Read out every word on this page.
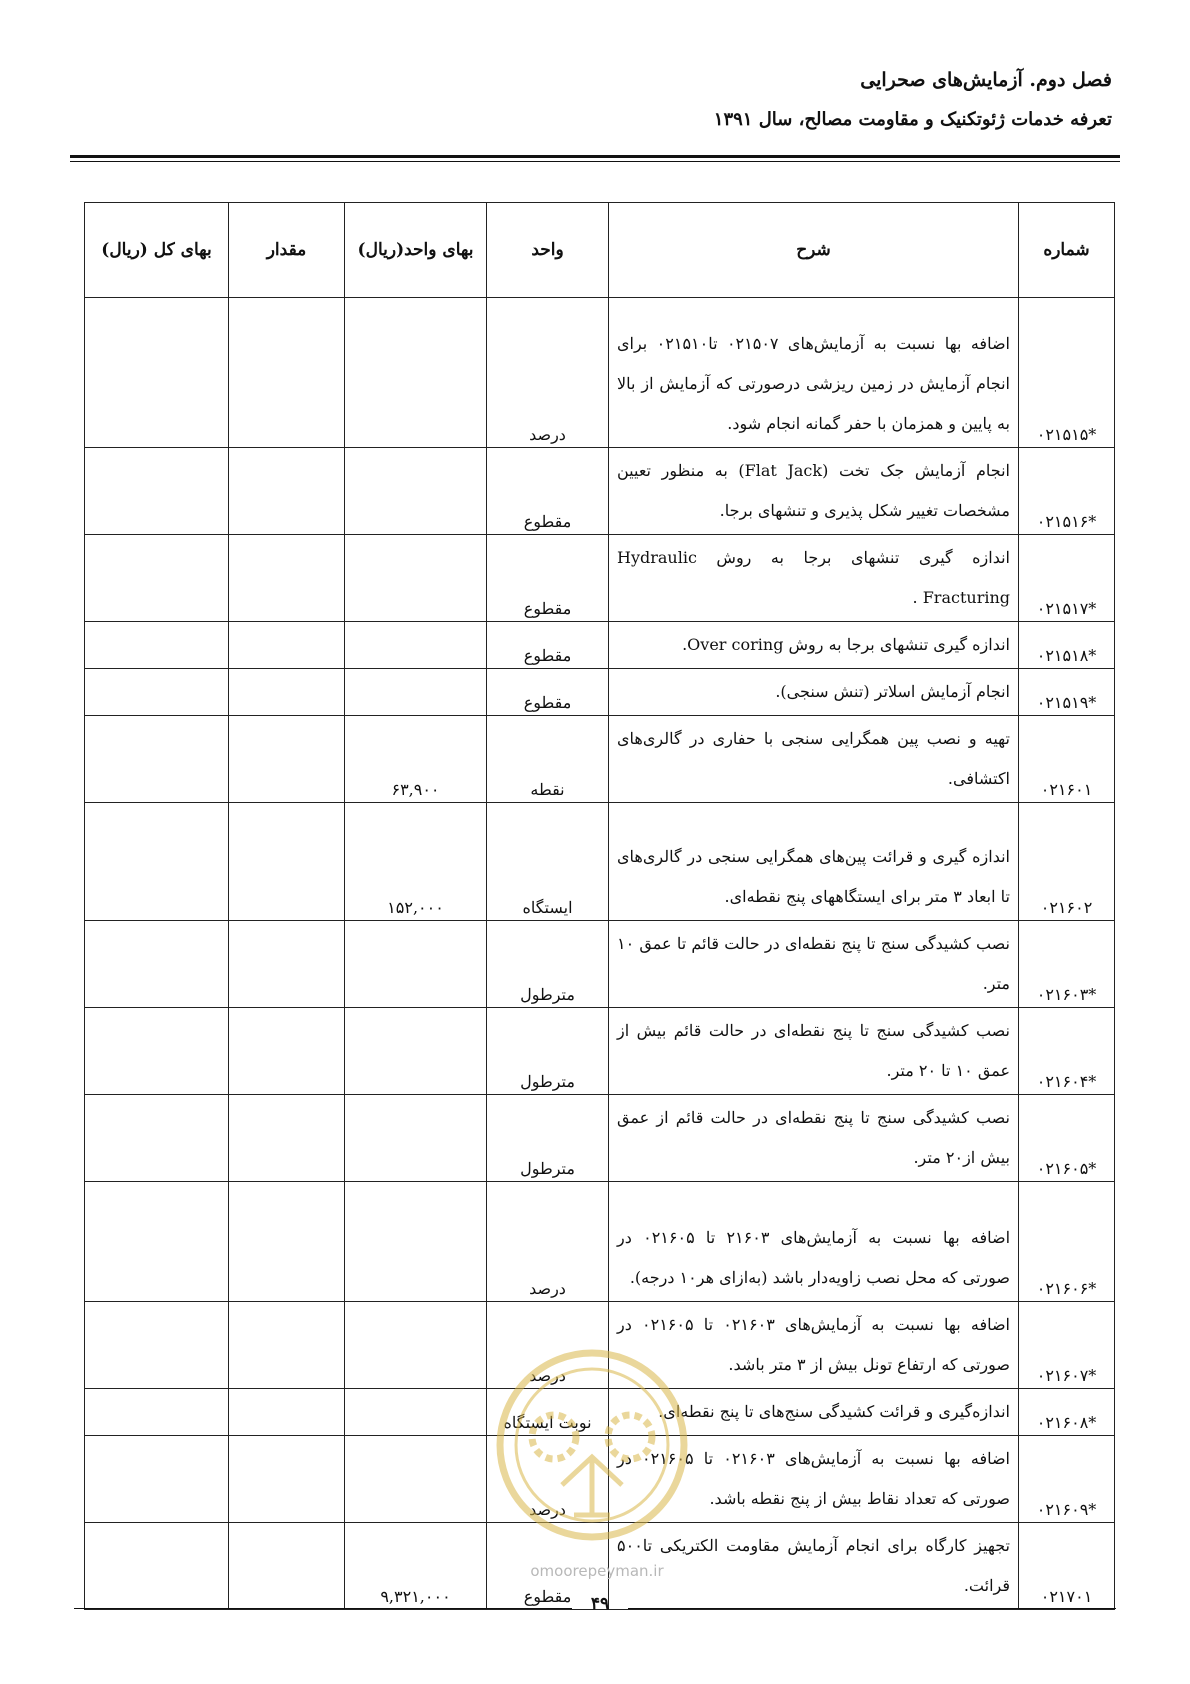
فصل دوم. آزمایش‌های صحرایی
تعرفه خدمات ژئوتکنیک و مقاومت مصالح، سال ۱۳۹۱
شماره	شرح	واحد	بهای واحد(ریال)	مقدار	بهای کل (ریال)
*۰۲۱۵۱۵	اضافه بها نسبت به آزمایش‌های ۰۲۱۵۰۷ تا۰۲۱۵۱۰ برای انجام آزمایش در زمین ریزشی درصورتی که آزمایش از بالا به پایین و همزمان با حفر گمانه انجام شود.	درصد			
*۰۲۱۵۱۶	انجام آزمایش جک تخت (Flat Jack) به منظور تعیین مشخصات تغییر شکل پذیری و تنشهای برجا.	مقطوع			
*۰۲۱۵۱۷	اندازه گیری تنشهای برجا به روش Hydraulic Fracturing .	مقطوع			
*۰۲۱۵۱۸	اندازه گیری تنشهای برجا به روش Over coring.	مقطوع			
*۰۲۱۵۱۹	انجام آزمایش اسلاتر (تنش سنجی).	مقطوع			
۰۲۱۶۰۱	تهیه و نصب پین همگرایی سنجی با حفاری در گالری‌های اکتشافی.	نقطه	۶۳,۹۰۰		
۰۲۱۶۰۲	اندازه گیری و قرائت پین‌های همگرایی سنجی در گالری‌های تا ابعاد ۳ متر برای ایستگاههای پنج نقطه‌ای.	ایستگاه	۱۵۲,۰۰۰		
*۰۲۱۶۰۳	نصب کشیدگی سنج تا پنج نقطه‌ای در حالت قائم تا عمق ۱۰ متر.	مترطول			
*۰۲۱۶۰۴	نصب کشیدگی سنج تا پنج نقطه‌ای در حالت قائم بیش از عمق ۱۰ تا ۲۰ متر.	مترطول			
*۰۲۱۶۰۵	نصب کشیدگی سنج تا پنج نقطه‌ای در حالت قائم از عمق بیش از۲۰ متر.	مترطول			
*۰۲۱۶۰۶	اضافه بها نسبت به آزمایش‌های ۲۱۶۰۳ تا ۰۲۱۶۰۵ در صورتی که محل نصب زاویه‌دار باشد (به‌ازای هر۱۰ درجه).	درصد			
*۰۲۱۶۰۷	اضافه بها نسبت به آزمایش‌های ۰۲۱۶۰۳ تا ۰۲۱۶۰۵ در صورتی که ارتفاع تونل بیش از ۳ متر باشد.	درصد			
*۰۲۱۶۰۸	اندازه‌گیری و قرائت کشیدگی سنج‌های تا پنج نقطه‌ای.	نوبت ایستگاه			
*۰۲۱۶۰۹	اضافه بها نسبت به آزمایش‌های ۰۲۱۶۰۳ تا ۰۲۱۶۰۵ در صورتی که تعداد نقاط بیش از پنج نقطه باشد.	درصد			
۰۲۱۷۰۱	تجهیز کارگاه برای انجام آزمایش مقاومت الکتریکی تا۵۰۰ قرائت.	مقطوع	۹,۳۲۱,۰۰۰		
omoorepeyman.ir
۴۹
